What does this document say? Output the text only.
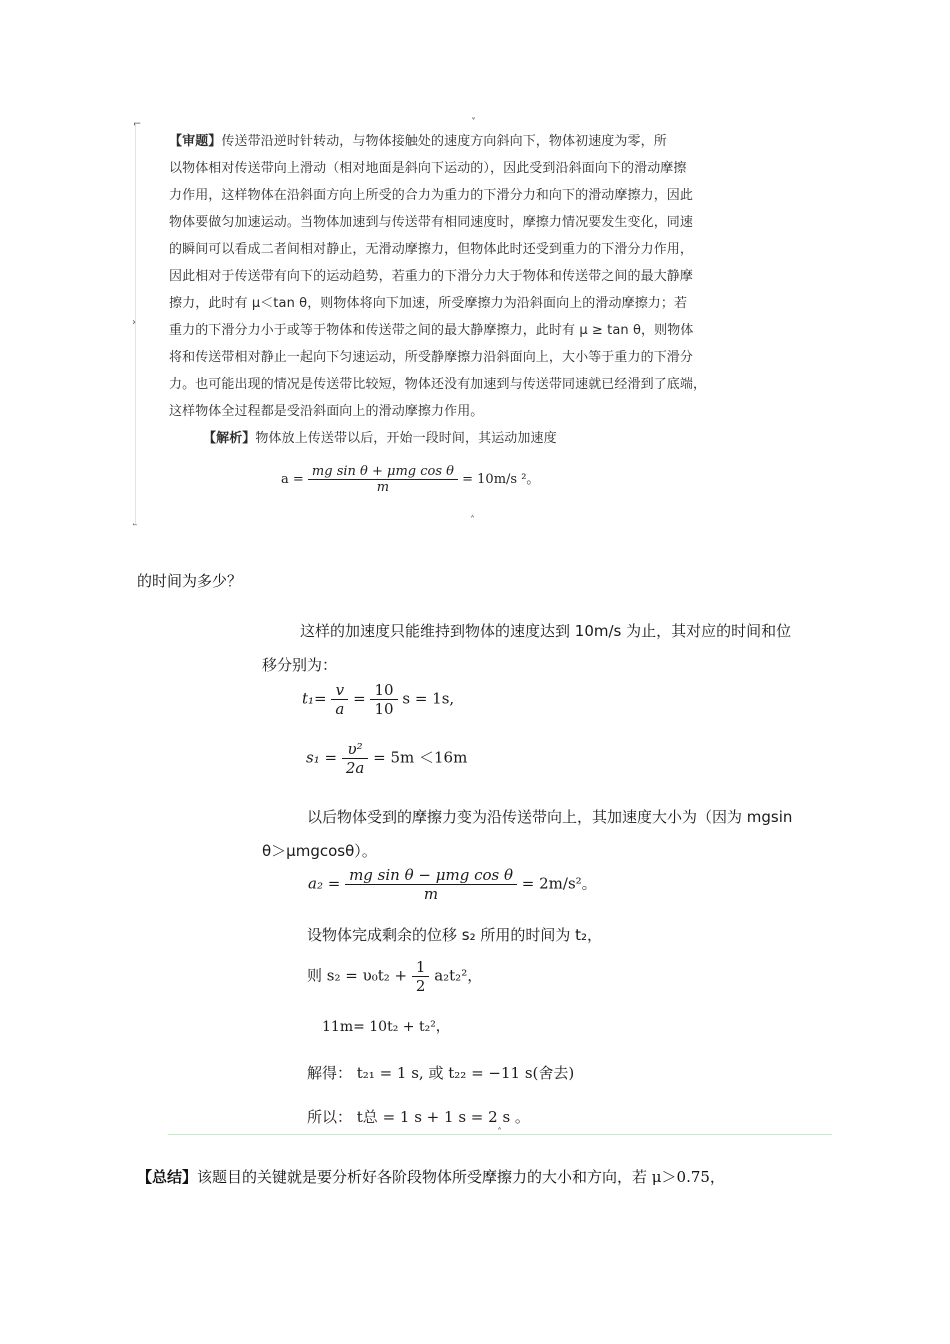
⌐	˅
›
˾	˄
【审题】传送带沿逆时针转动，与物体接触处的速度方向斜向下，物体初速度为零，所
以物体相对传送带向上滑动（相对地面是斜向下运动的），因此受到沿斜面向下的滑动摩擦
力作用，这样物体在沿斜面方向上所受的合力为重力的下滑分力和向下的滑动摩擦力，因此
物体要做匀加速运动。当物体加速到与传送带有相同速度时，摩擦力情况要发生变化，同速
的瞬间可以看成二者间相对静止，无滑动摩擦力，但物体此时还受到重力的下滑分力作用，
因此相对于传送带有向下的运动趋势，若重力的下滑分力大于物体和传送带之间的最大静摩
擦力，此时有 μ＜tan θ，则物体将向下加速，所受摩擦力为沿斜面向上的滑动摩擦力；若
重力的下滑分力小于或等于物体和传送带之间的最大静摩擦力，此时有 μ ≥ tan θ，则物体
将和传送带相对静止一起向下匀速运动，所受静摩擦力沿斜面向上，大小等于重力的下滑分
力。也可能出现的情况是传送带比较短，物体还没有加速到与传送带同速就已经滑到了底端，
这样物体全过程都是受沿斜面向上的滑动摩擦力作用。
【解析】物体放上传送带以后，开始一段时间，其运动加速度
$a = \frac{\text{mg sin θ + μmg cos θ}}{m} = 10m/s$ ²。
的时间为多少？
这样的加速度只能维持到物体的速度达到 10m/s 为止，其对应的时间和位
移分别为：
$t_1= \frac{v}{a} = \frac{10}{10}$ s = 1s,
$s_1 = \frac{\text{υ²}}{2a} = 5m <16m$
以后物体受到的摩擦力变为沿传送带向上，其加速度大小为（因为 mgsin
θ＞μmgcosθ）。
$a_2 = \frac{\text{mg sin θ − μmg cos θ}}{m} = 2m/s^2$。
设物体完成剩余的位移 s₂ 所用的时间为 t₂，
则 $s_2 = \upsilon_0t_2 + \frac{1}{2} a_2t_2^2$，
11m= 10t₂ + t₂²，
解得： t₂₁ = 1 s, 或 t₂₂ = −11 s(舍去)
所以： t总 = 1 s + 1 s = 2 s 。
˄
【总结】该题目的关键就是要分析好各阶段物体所受摩擦力的大小和方向，若 μ＞0.75，
